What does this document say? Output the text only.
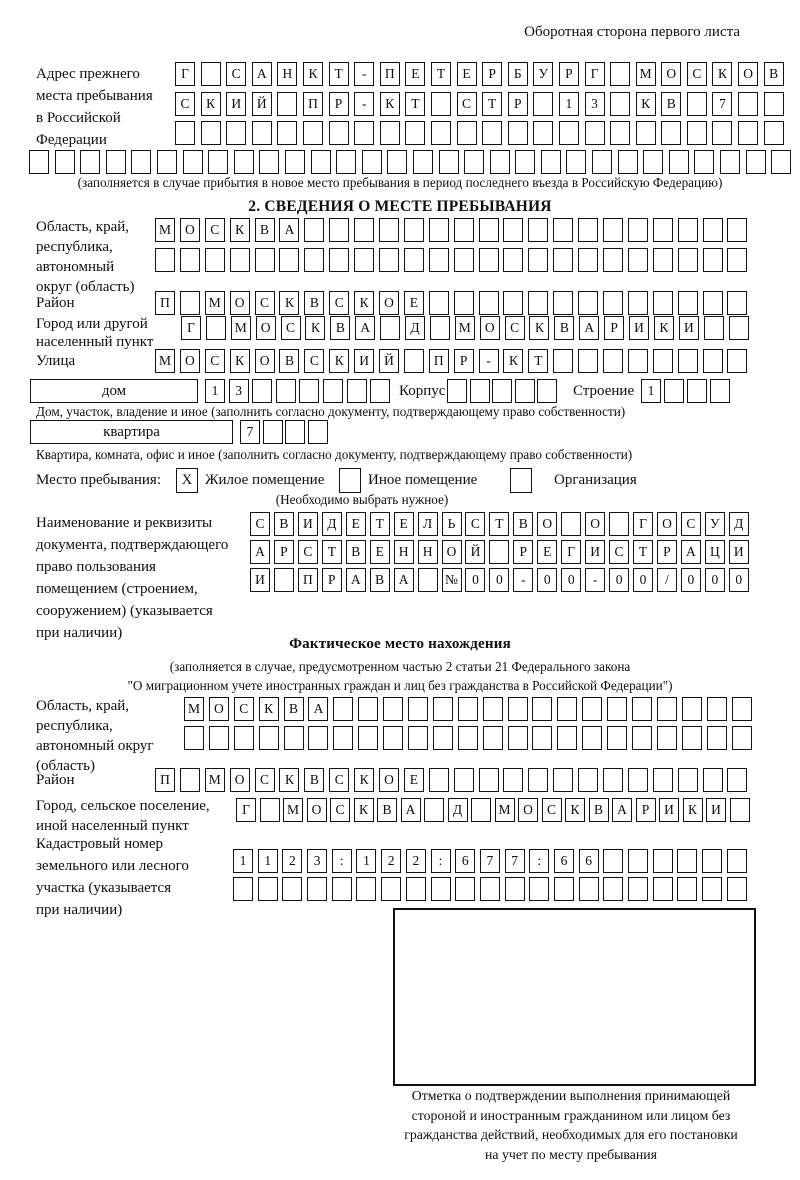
Оборотная сторона первого листа
Адрес прежнего
места пребывания
в Российской
Федерации
Г	С	А	Н	К	Т	-	П	Е	Т	Е	Р	Б	У	Р	Г	М	О	С	К	О	В
С	К	И	Й	П	Р	-	К	Т	С	Т	Р	1	3	К	В	7
(заполняется в случае прибытия в новое место пребывания в период последнего въезда в Российскую Федерацию)
2. СВЕДЕНИЯ О МЕСТЕ ПРЕБЫВАНИЯ
Область, край,
республика,
автономный
округ (область)
М	О	С	К	В	А
Район	П	М	О	С	К	В	С	К	О	Е
Город или другой
населенный пункт
Г	М	О	С	К	В	А	Д	М	О	С	К	В	А	Р	И	К	И
Улица	М	О	С	К	О	В	С	К	И	Й	П	Р	-	К	Т
дом	1	3	Корпус	Строение	1
Дом, участок, владение и иное (заполнить согласно документу, подтверждающему право собственности)
квартира	7
Квартира, комната, офис и иное (заполнить согласно документу, подтверждающему право собственности)
Место пребывания:	X Жилое помещение	Иное помещение	Организация
(Необходимо выбрать нужное)
Наименование и реквизиты
документа, подтверждающего
право пользования
помещением (строением,
сооружением) (указывается
при наличии)
С	В	И	Д	Е	Т	Е	Л	Ь	С	Т	В	О	О	Г	О	С	У	Д
А	Р	С	Т	В	Е	Н	Н	О	Й	Р	Е	Г	И	С	Т	Р	А	Ц	И
И	П	Р	А	В	А	№	0	0	-	0	0	-	0	0	/	0	0	0
Фактическое место нахождения
(заполняется в случае, предусмотренном частью 2 статьи 21 Федерального закона
"О миграционном учете иностранных граждан и лиц без гражданства в Российской Федерации")
Область, край,
республика,
автономный округ
(область)
М	О	С	К	В	А
Район	П	М	О	С	К	В	С	К	О	Е
Город, сельское поселение,
иной населенный пункт
Г	М О	С	К	В	А	Д	М О	С	К	В	А	Р	И	К	И
Кадастровый номер
земельного или лесного
участка (указывается
при наличии)
1	1	2	3	:	1	2	2	:	6	7	7	:	6	6
Отметка о подтверждении выполнения принимающей
стороной и иностранным гражданином или лицом без
гражданства действий, необходимых для его постановки
на учет по месту пребывания
